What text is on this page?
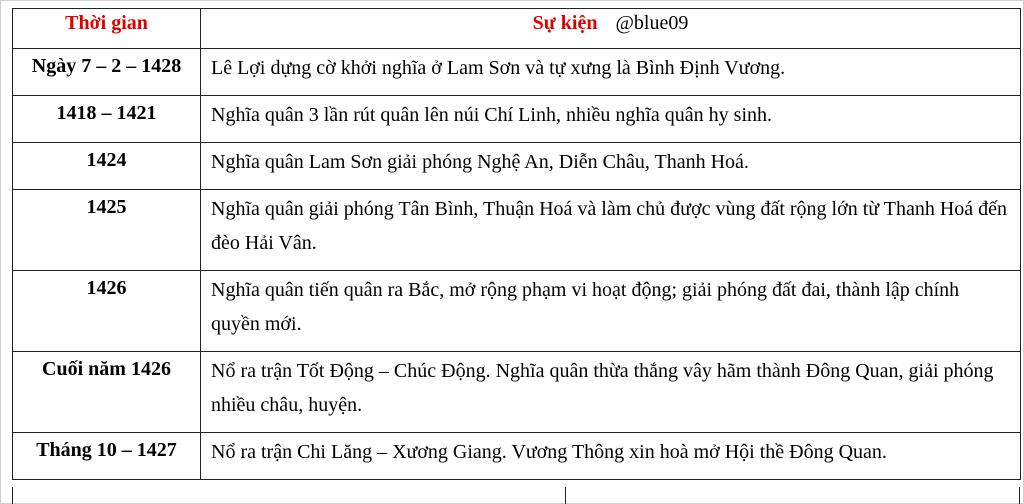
Thời gian	Sự kiện @blue09
Ngày 7 – 2 – 1428	Lê Lợi dựng cờ khởi nghĩa ở Lam Sơn và tự xưng là Bình Định Vương.

1418 – 1421	Nghĩa quân 3 lần rút quân lên núi Chí Linh, nhiều nghĩa quân hy sinh.

1424	Nghĩa quân Lam Sơn giải phóng Nghệ An, Diễn Châu, Thanh Hoá.

1425	Nghĩa quân giải phóng Tân Bình, Thuận Hoá và làm chủ được vùng đất rộng lớn từ Thanh Hoá đến đèo Hải Vân.

1426	Nghĩa quân tiến quân ra Bắc, mở rộng phạm vi hoạt động; giải phóng đất đai, thành lập chính quyền mới.

Cuối năm 1426	Nổ ra trận Tốt Động – Chúc Động. Nghĩa quân thừa thắng vây hãm thành Đông Quan, giải phóng nhiều châu, huyện.

Tháng 10 – 1427	Nổ ra trận Chi Lăng – Xương Giang. Vương Thông xin hoà mở Hội thề Đông Quan.
